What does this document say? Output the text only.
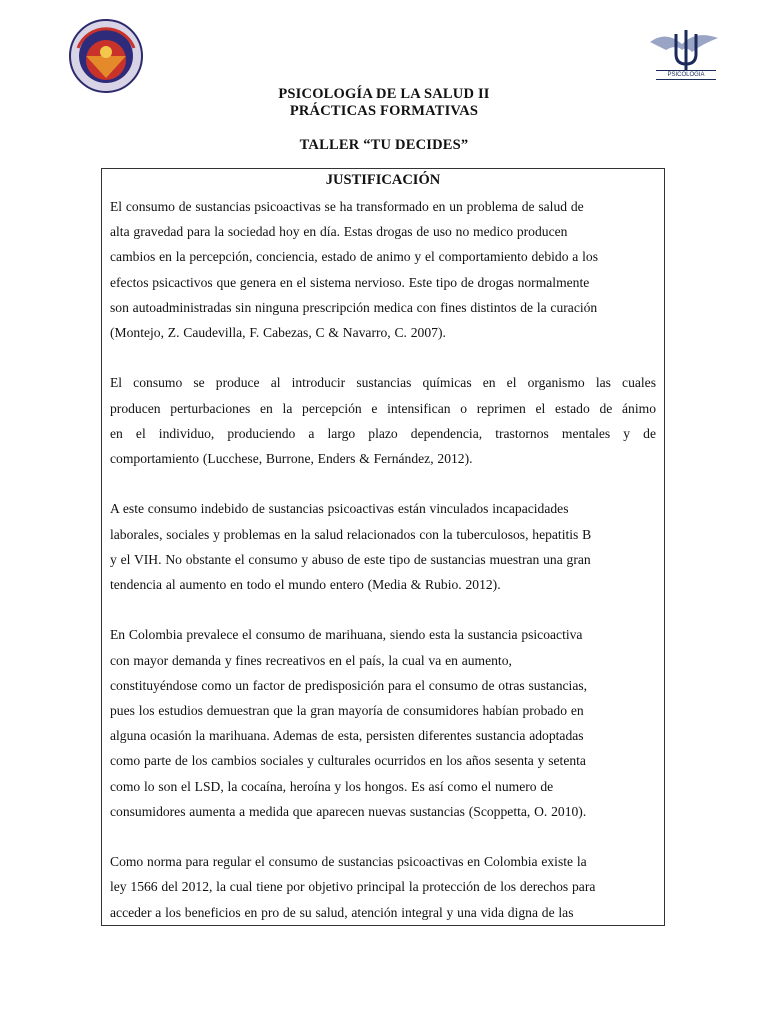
PSICOLOGIA
PSICOLOGÍA DE LA SALUD II
PRÁCTICAS FORMATIVAS
TALLER “TU DECIDES”
JUSTIFICACIÓN
El consumo de sustancias psicoactivas se ha transformado en un problema de salud de
alta gravedad para la sociedad hoy en día. Estas drogas de uso no medico producen
cambios en la percepción, conciencia, estado de animo y el comportamiento debido a los
efectos psicactivos que genera en el sistema nervioso. Este tipo de drogas normalmente
son autoadministradas sin ninguna prescripción medica con fines distintos de la curación
(Montejo, Z. Caudevilla, F. Cabezas, C & Navarro, C. 2007).
El consumo se produce al introducir sustancias químicas en el organismo las cuales
producen perturbaciones en la percepción e intensifican o reprimen el estado de ánimo
en el individuo, produciendo a largo plazo dependencia, trastornos mentales y de
comportamiento (Lucchese, Burrone, Enders & Fernández, 2012).
A este consumo indebido de sustancias psicoactivas están vinculados incapacidades
laborales, sociales y problemas en la salud relacionados con la tuberculosos, hepatitis B
y el VIH. No obstante el consumo y abuso de este tipo de sustancias muestran una gran
tendencia al aumento en todo el mundo entero (Media & Rubio. 2012).
En Colombia prevalece el consumo de marihuana, siendo esta la sustancia psicoactiva
con mayor demanda y fines recreativos en el país, la cual va en aumento,
constituyéndose como un factor de predisposición para el consumo de otras sustancias,
pues los estudios demuestran que la gran mayoría de consumidores habían probado en
alguna ocasión la marihuana. Ademas de esta, persisten diferentes sustancia adoptadas
como parte de los cambios sociales y culturales ocurridos en los años sesenta y setenta
como lo son el LSD, la cocaína, heroína y los hongos. Es así como el numero de
consumidores aumenta a medida que aparecen nuevas sustancias (Scoppetta, O. 2010).
Como norma para regular el consumo de sustancias psicoactivas en Colombia existe la
ley 1566 del 2012, la cual tiene por objetivo principal la protección de los derechos para
acceder a los beneficios en pro de su salud, atención integral y una vida digna de las
